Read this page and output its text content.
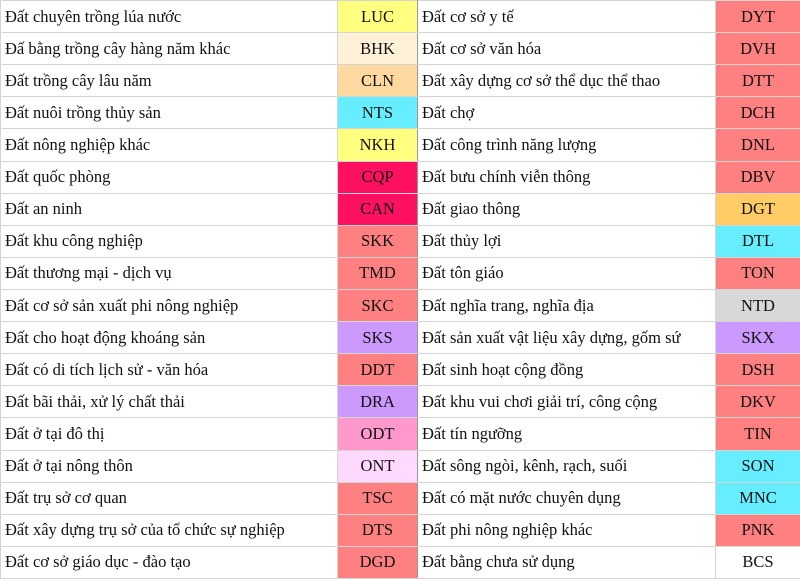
Đất chuyên trồng lúa nước	LUC	Đất cơ sở y tế	DYT
Đấ bằng trồng cây hàng năm khác	BHK	Đất cơ sở văn hóa	DVH
Đất trồng cây lâu năm	CLN	Đất xây dựng cơ sở thể dục thể thao	DTT
Đất nuôi trồng thủy sản	NTS	Đất chợ	DCH
Đất nông nghiệp khác	NKH	Đất công trình năng lượng	DNL
Đất quốc phòng	CQP	Đất bưu chính viễn thông	DBV
Đất an ninh	CAN	Đất giao thông	DGT
Đất khu công nghiệp	SKK	Đất thủy lợi	DTL
Đất thương mại - dịch vụ	TMD	Đất tôn giáo	TON
Đất cơ sở sản xuất phi nông nghiệp	SKC	Đất nghĩa trang, nghĩa địa	NTD
Đất cho hoạt động khoáng sản	SKS	Đất sản xuất vật liệu xây dựng, gốm sứ	SKX
Đất có di tích lịch sử - văn hóa	DDT	Đất sinh hoạt cộng đồng	DSH
Đất bãi thải, xử lý chất thải	DRA	Đất khu vui chơi giải trí, công cộng	DKV
Đất ở tại đô thị	ODT	Đất tín ngưỡng	TIN
Đất ở tại nông thôn	ONT	Đất sông ngòi, kênh, rạch, suối	SON
Đất trụ sở cơ quan	TSC	Đất có mặt nước chuyên dụng	MNC
Đất xây dựng trụ sở của tổ chức sự nghiệp	DTS	Đất phi nông nghiệp khác	PNK
Đất cơ sở giáo dục - đào tạo	DGD	Đất bằng chưa sử dụng	BCS
